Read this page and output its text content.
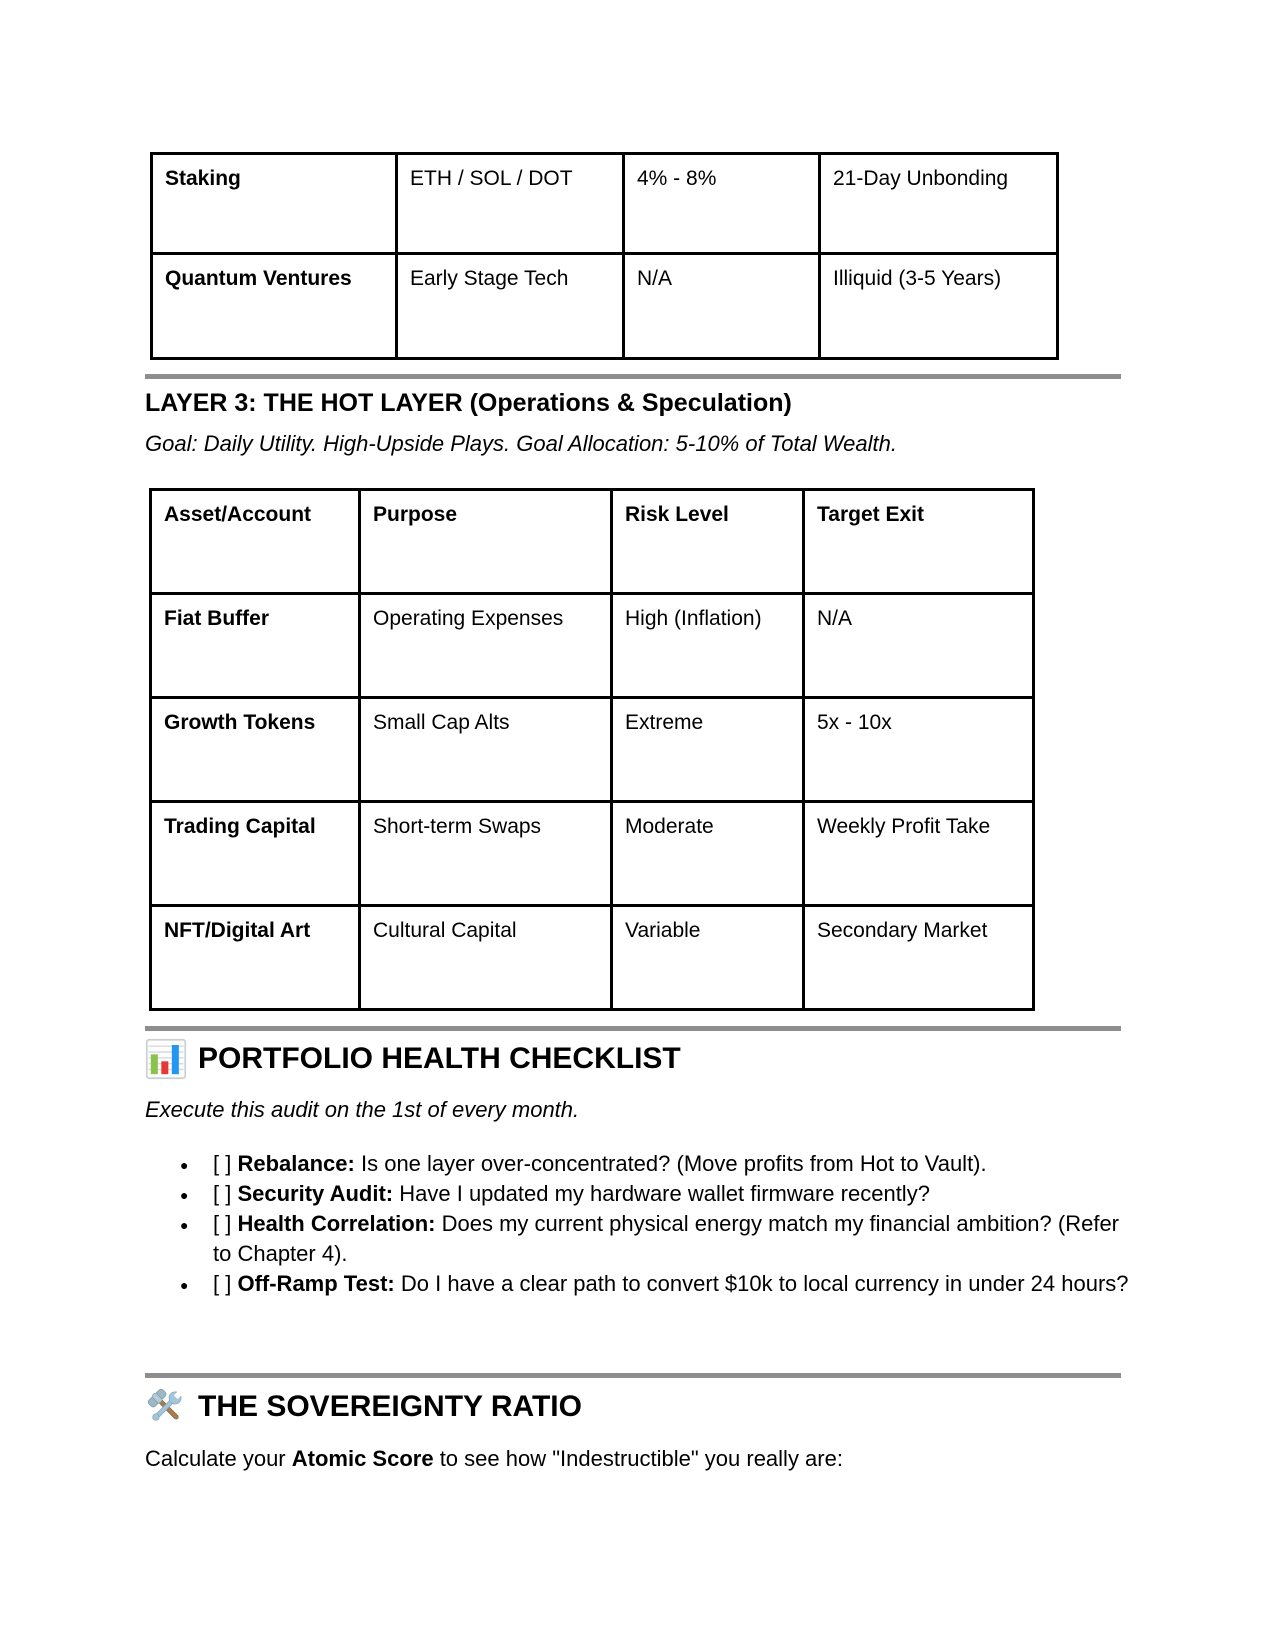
Staking	ETH / SOL / DOT	4% - 8%	21-Day Unbonding
Quantum Ventures	Early Stage Tech	N/A	Illiquid (3-5 Years)
LAYER 3: THE HOT LAYER (Operations & Speculation)
Goal: Daily Utility. High-Upside Plays. Goal Allocation: 5-10% of Total Wealth.
Asset/Account	Purpose	Risk Level	Target Exit
Fiat Buffer	Operating Expenses	High (Inflation)	N/A
Growth Tokens	Small Cap Alts	Extreme	5x - 10x
Trading Capital	Short-term Swaps	Moderate	Weekly Profit Take
NFT/Digital Art	Cultural Capital	Variable	Secondary Market
PORTFOLIO HEALTH CHECKLIST
Execute this audit on the 1st of every month.
● [ ] Rebalance: Is one layer over-concentrated? (Move profits from Hot to Vault).
● [ ] Security Audit: Have I updated my hardware wallet firmware recently?
● [ ] Health Correlation: Does my current physical energy match my financial ambition? (Refer to Chapter 4).
● [ ] Off-Ramp Test: Do I have a clear path to convert $10k to local currency in under 24 hours?
THE SOVEREIGNTY RATIO
Calculate your Atomic Score to see how "Indestructible" you really are:
